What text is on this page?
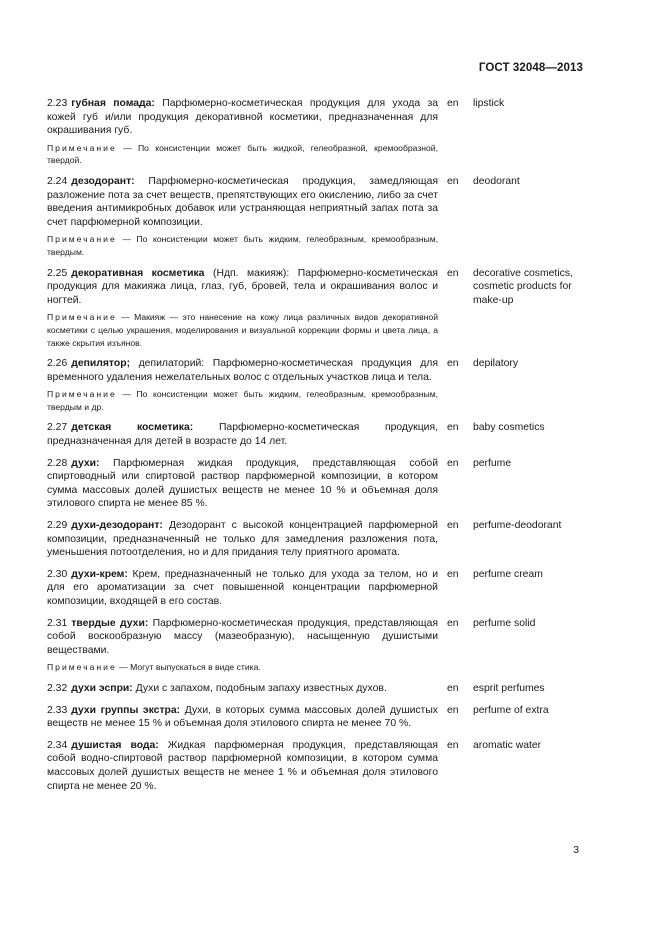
ГОСТ 32048—2013
2.23 губная помада: Парфюмерно-косметическая продукция для ухода за кожей губ и/или продукция декоративной косметики, предназначенная для окрашивания губ.
en	lipstick
Примечание — По консистенции может быть жидкой, гелеобразной, кремообразной, твердой.
2.24 дезодорант: Парфюмерно-косметическая продукция, замедляющая разложение пота за счет веществ, препятствующих его окислению, либо за счет введения антимикробных добавок или устраняющая неприятный запах пота за счет парфюмерной композиции.
en	deodorant
Примечание — По консистенции может быть жидким, гелеобразным, кремообразным, твердым.
2.25 декоративная косметика (Ндп. макияж): Парфюмерно-косметическая продукция для макияжа лица, глаз, губ, бровей, тела и окрашивания волос и ногтей.
en	decorative cosmetics, cosmetic products for make-up
Примечание — Макияж — это нанесение на кожу лица различных видов декоративной косметики с целью украшения, моделирования и визуальной коррекции формы и цвета лица, а также скрытия изъянов.
2.26 депилятор; депилаторий: Парфюмерно-косметическая продукция для временного удаления нежелательных волос с отдельных участков лица и тела.
en	depilatory
Примечание — По консистенции может быть жидким, гелеобразным, кремообразным, твердым и др.
2.27 детская косметика: Парфюмерно-косметическая продукция, предназначенная для детей в возрасте до 14 лет.
en	baby cosmetics
2.28 духи: Парфюмерная жидкая продукция, представляющая собой спиртоводный или спиртовой раствор парфюмерной композиции, в котором сумма массовых долей душистых веществ не менее 10 % и объемная доля этилового спирта не менее 85 %.
en	perfume
2.29 духи-дезодорант: Дезодорант с высокой концентрацией парфюмерной композиции, предназначенный не только для замедления разложения пота, уменьшения потоотделения, но и для придания телу приятного аромата.
en	perfume-deodorant
2.30 духи-крем: Крем, предназначенный не только для ухода за телом, но и для его ароматизации за счет повышенной концентрации парфюмерной композиции, входящей в его состав.
en	perfume cream
2.31 твердые духи: Парфюмерно-косметическая продукция, представляющая собой воскообразную массу (мазеобразную), насыщенную душистыми веществами.
en	perfume solid
Примечание — Могут выпускаться в виде стика.
2.32 духи эспри: Духи с запахом, подобным запаху известных духов.	en	esprit perfumes
2.33 духи группы экстра: Духи, в которых сумма массовых долей душистых веществ не менее 15 % и объемная доля этилового спирта не менее 70 %.
en	perfume of extra
2.34 душистая вода: Жидкая парфюмерная продукция, представляющая собой водно-спиртовой раствор парфюмерной композиции, в котором сумма массовых долей душистых веществ не менее 1 % и объемная доля этилового спирта не менее 20 %.
en	aromatic water
3
